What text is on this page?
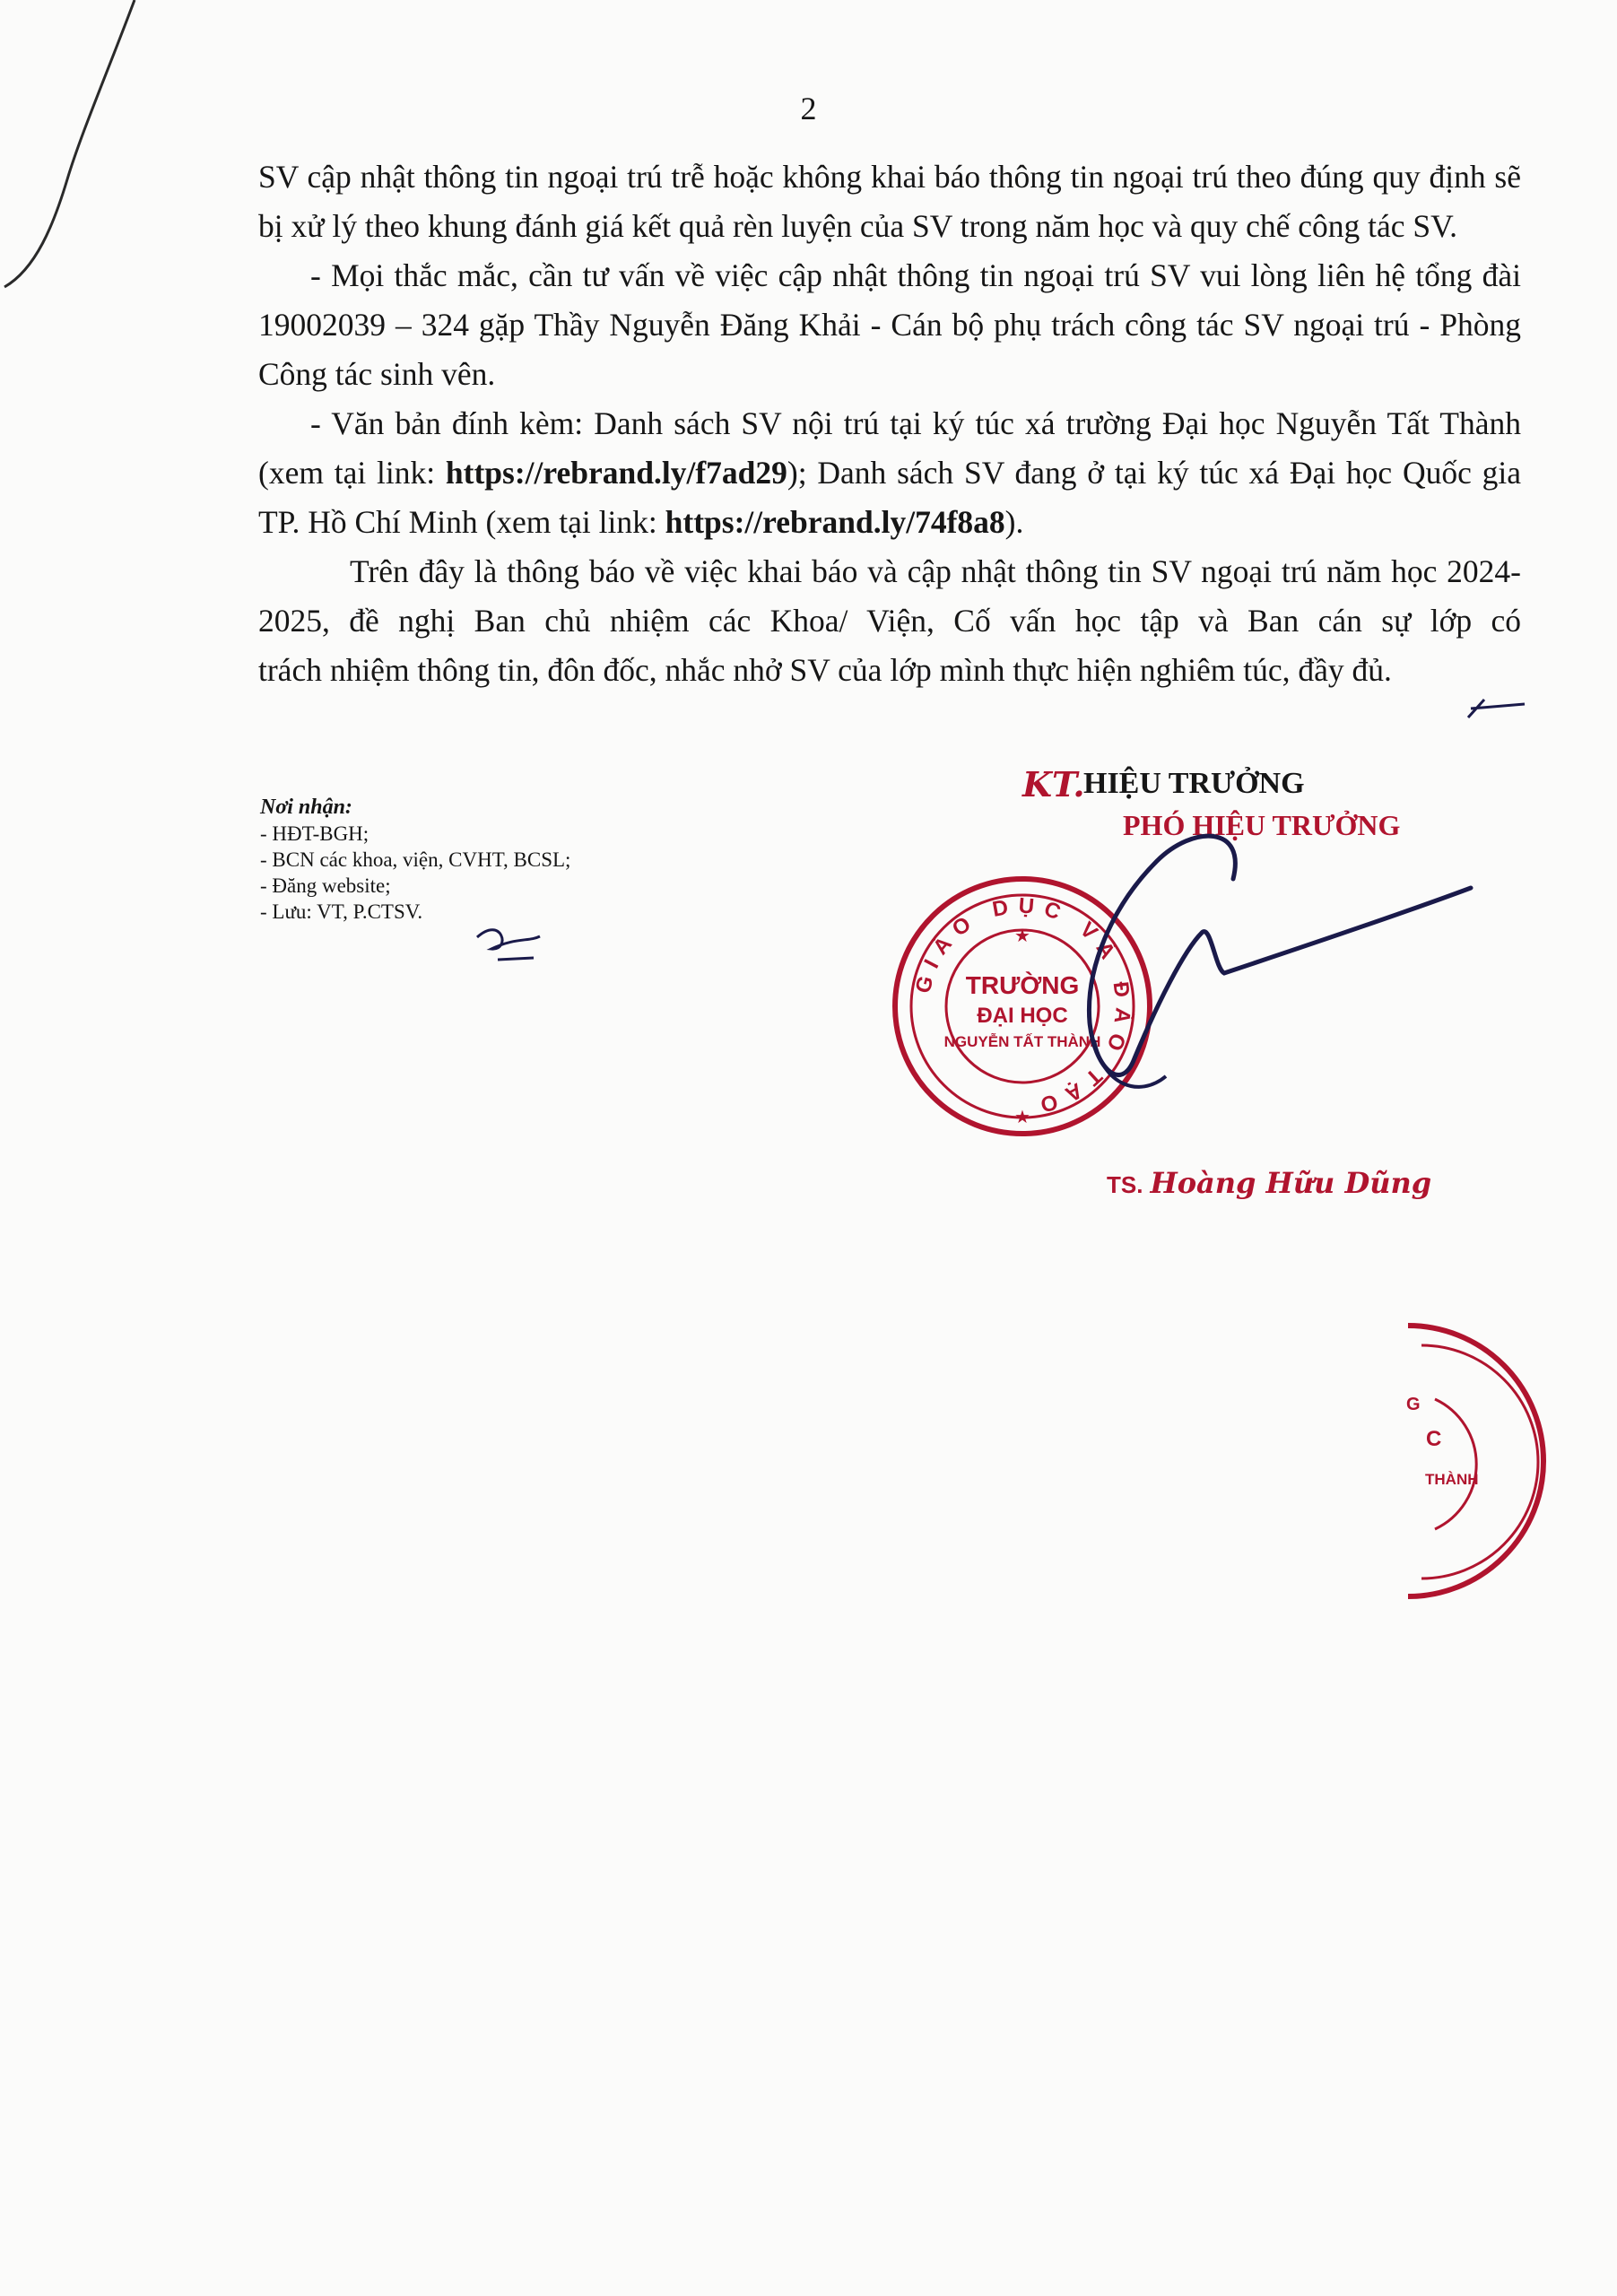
2

SV cập nhật thông tin ngoại trú trễ hoặc không khai báo thông tin ngoại trú theo đúng quy định sẽ bị xử lý theo khung đánh giá kết quả rèn luyện của SV trong năm học và quy chế công tác SV.

- Mọi thắc mắc, cần tư vấn về việc cập nhật thông tin ngoại trú SV vui lòng liên hệ tổng đài 19002039 – 324 gặp Thầy Nguyễn Đăng Khải - Cán bộ phụ trách công tác SV ngoại trú - Phòng Công tác sinh vên.

- Văn bản đính kèm: Danh sách SV nội trú tại ký túc xá trường Đại học Nguyễn Tất Thành (xem tại link: https://rebrand.ly/f7ad29); Danh sách SV đang ở tại ký túc xá Đại học Quốc gia TP. Hồ Chí Minh (xem tại link: https://rebrand.ly/74f8a8).

Trên đây là thông báo về việc khai báo và cập nhật thông tin SV ngoại trú năm học 2024-2025, đề nghị Ban chủ nhiệm các Khoa/ Viện, Cố vấn học tập và Ban cán sự lớp có trách nhiệm thông tin, đôn đốc, nhắc nhở SV của lớp mình thực hiện nghiêm túc, đầy đủ.

Nơi nhận:
- HĐT-BGH;
- BCN các khoa, viện, CVHT, BCSL;
- Đăng website;
- Lưu: VT, P.CTSV.
KT.
HIỆU TRƯỞNG
PHÓ HIỆU TRƯỞNG
TS. Hoàng Hữu Dũng
GIÁO DỤC VÀ ĐÀO TẠO
★
★
TRƯỜNG
ĐẠI HỌC
NGUYỄN TẤT THÀNH
G
C
THÀNH
